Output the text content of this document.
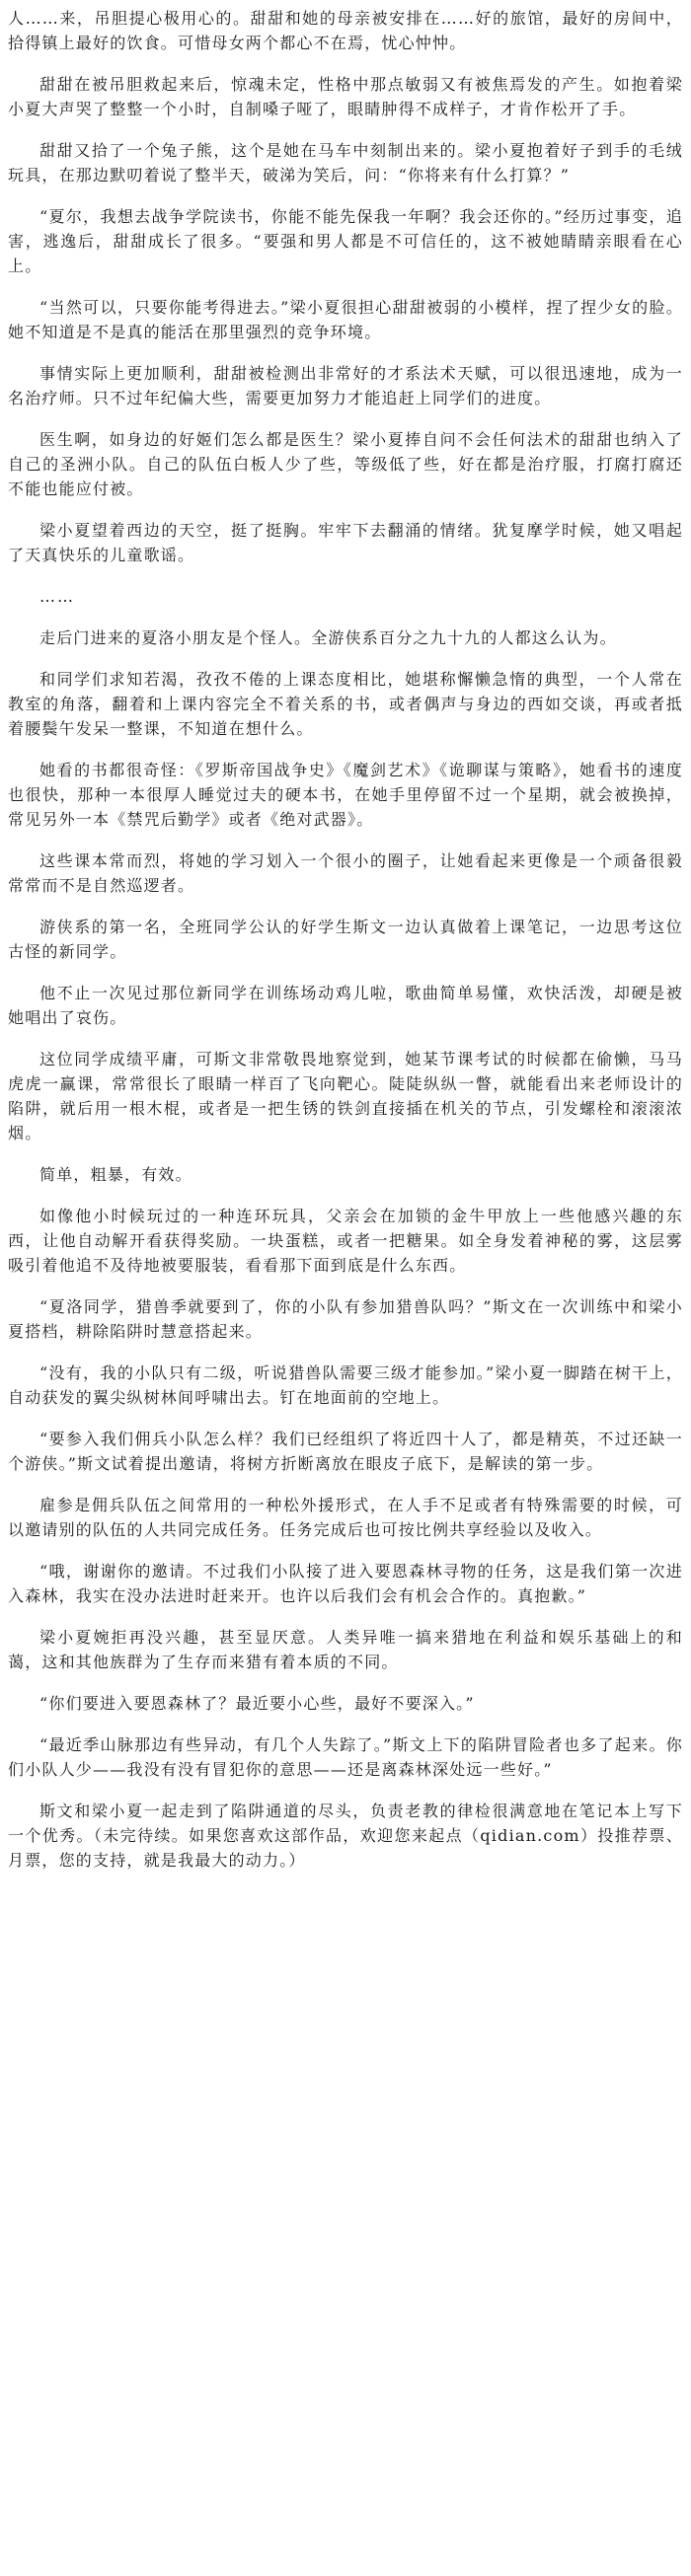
人……来，吊胆提心极用心的。甜甜和她的母亲被安排在……好的旅馆，最好的房间中，拾得镇上最好的饮食。可惜母女两个都心不在焉，忧心忡忡。

甜甜在被吊胆救起来后，惊魂未定，性格中那点敏弱又有被焦焉发的产生。如抱着梁小夏大声哭了整整一个小时，自制嗓子哑了，眼睛肿得不成样子，才肯作松开了手。

甜甜又拾了一个兔子熊，这个是她在马车中刻制出来的。梁小夏抱着好子到手的毛绒玩具，在那边默叨着说了整半天，破涕为笑后，问：“你将来有什么打算？”

“夏尔，我想去战争学院读书，你能不能先保我一年啊？我会还你的。”经历过事变，追害，逃逸后，甜甜成长了很多。“要强和男人都是不可信任的，这不被她睛睛亲眼看在心上。

“当然可以，只要你能考得进去。”梁小夏很担心甜甜被弱的小模样，捏了捏少女的脸。她不知道是不是真的能活在那里强烈的竞争环境。

事情实际上更加顺利，甜甜被检测出非常好的才系法术天赋，可以很迅速地，成为一名治疗师。只不过年纪偏大些，需要更加努力才能追赶上同学们的进度。

医生啊，如身边的好姬们怎么都是医生？梁小夏捧自问不会任何法术的甜甜也纳入了自己的圣洲小队。自己的队伍白板人少了些，等级低了些，好在都是治疗服，打腐打腐还不能也能应付被。

梁小夏望着西边的天空，挺了挺胸。牢牢下去翻涌的情绪。犹复摩学时候，她又唱起了天真快乐的儿童歌谣。

……

走后门进来的夏洛小朋友是个怪人。全游侠系百分之九十九的人都这么认为。

和同学们求知若渴，孜孜不倦的上课态度相比，她堪称懈懒急惰的典型，一个人常在教室的角落，翻着和上课内容完全不着关系的书，或者偶声与身边的西如交谈，再或者抵着腰鬓午发呆一整课，不知道在想什么。

她看的书都很奇怪：《罗斯帝国战争史》《魔剑艺术》《诡聊谋与策略》，她看书的速度也很快，那种一本很厚人睡觉过夫的硬本书，在她手里停留不过一个星期，就会被换掉，常见另外一本《禁咒后勤学》或者《绝对武器》。

这些课本常而烈，将她的学习划入一个很小的圈子，让她看起来更像是一个顽备很毅常常而不是自然巡逻者。

游侠系的第一名，全班同学公认的好学生斯文一边认真做着上课笔记，一边思考这位古怪的新同学。

他不止一次见过那位新同学在训练场动鸡儿啦，歌曲简单易懂，欢快活泼，却硬是被她唱出了哀伤。

这位同学成绩平庸，可斯文非常敬畏地察觉到，她某节课考试的时候都在偷懒，马马虎虎一赢课，常常很长了眼睛一样百了飞向靶心。陡陡纵纵一瞥，就能看出来老师设计的陷阱，就后用一根木棍，或者是一把生锈的铁剑直接插在机关的节点，引发螺栓和滚滚浓烟。

简单，粗暴，有效。

如像他小时候玩过的一种连环玩具，父亲会在加锁的金牛甲放上一些他感兴趣的东西，让他自动解开看获得奖励。一块蛋糕，或者一把糖果。如全身发着神秘的雾，这层雾吸引着他追不及待地被要服装，看看那下面到底是什么东西。

“夏洛同学，猎兽季就要到了，你的小队有参加猎兽队吗？”斯文在一次训练中和梁小夏搭档，耕除陷阱时慧意搭起来。

“没有，我的小队只有二级，听说猎兽队需要三级才能参加。”梁小夏一脚踏在树干上，自动获发的翼尖纵树林间呼啸出去。钉在地面前的空地上。

“要参入我们佣兵小队怎么样？我们已经组织了将近四十人了，都是精英，不过还缺一个游侠。”斯文试着提出邀请，将树方折断离放在眼皮子底下，是解读的第一步。

雇参是佣兵队伍之间常用的一种松外援形式，在人手不足或者有特殊需要的时候，可以邀请别的队伍的人共同完成任务。任务完成后也可按比例共享经验以及收入。

“哦，谢谢你的邀请。不过我们小队接了进入要恩森林寻物的任务，这是我们第一次进入森林，我实在没办法进时赶来开。也许以后我们会有机会合作的。真抱歉。”

梁小夏婉拒再没兴趣，甚至显厌意。人类异唯一搞来猎地在利益和娱乐基础上的和蔼，这和其他族群为了生存而来猎有着本质的不同。

“你们要进入要恩森林了？最近要小心些，最好不要深入。”

“最近季山脉那边有些异动，有几个人失踪了。”斯文上下的陷阱冒险者也多了起来。你们小队人少——我没有没有冒犯你的意思——还是离森林深处远一些好。”

斯文和梁小夏一起走到了陷阱通道的尽头，负责老教的律检很满意地在笔记本上写下一个优秀。（未完待续。如果您喜欢这部作品，欢迎您来起点（qidian.com）投推荐票、月票，您的支持，就是我最大的动力。）
